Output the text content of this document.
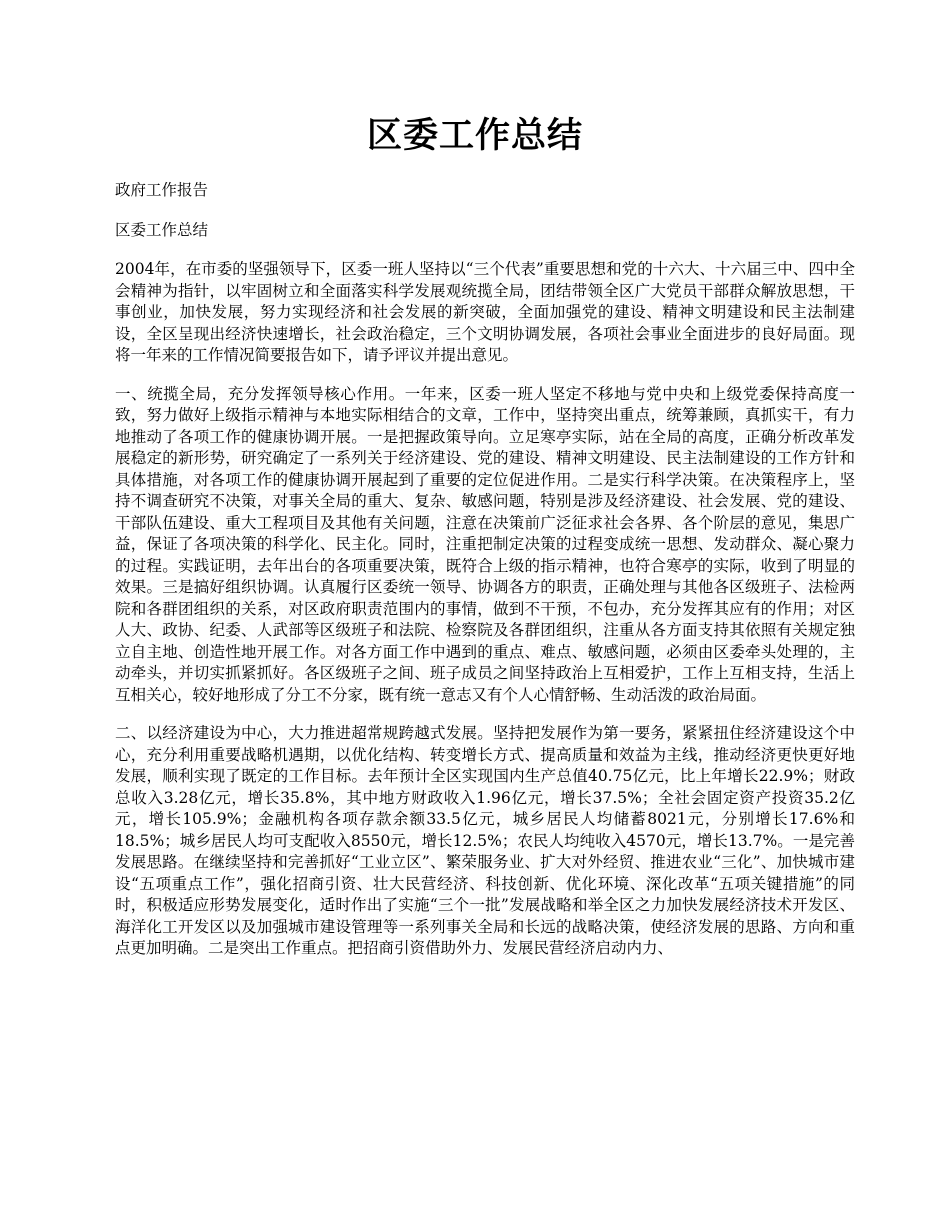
区委工作总结

政府工作报告

区委工作总结

2004年，在市委的坚强领导下，区委一班人坚持以“三个代表”重要思想和党的十六大、十六届三中、四中全会精神为指针，以牢固树立和全面落实科学发展观统揽全局，团结带领全区广大党员干部群众解放思想，干事创业，加快发展，努力实现经济和社会发展的新突破，全面加强党的建设、精神文明建设和民主法制建设，全区呈现出经济快速增长，社会政治稳定，三个文明协调发展，各项社会事业全面进步的良好局面。现将一年来的工作情况简要报告如下，请予评议并提出意见。

一、统揽全局，充分发挥领导核心作用。一年来，区委一班人坚定不移地与党中央和上级党委保持高度一致，努力做好上级指示精神与本地实际相结合的文章，工作中，坚持突出重点，统筹兼顾，真抓实干，有力地推动了各项工作的健康协调开展。一是把握政策导向。立足寒亭实际，站在全局的高度，正确分析改革发展稳定的新形势，研究确定了一系列关于经济建设、党的建设、精神文明建设、民主法制建设的工作方针和具体措施，对各项工作的健康协调开展起到了重要的定位促进作用。二是实行科学决策。在决策程序上，坚持不调查研究不决策，对事关全局的重大、复杂、敏感问题，特别是涉及经济建设、社会发展、党的建设、干部队伍建设、重大工程项目及其他有关问题，注意在决策前广泛征求社会各界、各个阶层的意见，集思广益，保证了各项决策的科学化、民主化。同时，注重把制定决策的过程变成统一思想、发动群众、凝心聚力的过程。实践证明，去年出台的各项重要决策，既符合上级的指示精神，也符合寒亭的实际，收到了明显的效果。三是搞好组织协调。认真履行区委统一领导、协调各方的职责，正确处理与其他各区级班子、法检两院和各群团组织的关系，对区政府职责范围内的事情，做到不干预，不包办，充分发挥其应有的作用；对区人大、政协、纪委、人武部等区级班子和法院、检察院及各群团组织，注重从各方面支持其依照有关规定独立自主地、创造性地开展工作。对各方面工作中遇到的重点、难点、敏感问题，必须由区委牵头处理的，主动牵头，并切实抓紧抓好。各区级班子之间、班子成员之间坚持政治上互相爱护，工作上互相支持，生活上互相关心，较好地形成了分工不分家，既有统一意志又有个人心情舒畅、生动活泼的政治局面。

二、以经济建设为中心，大力推进超常规跨越式发展。坚持把发展作为第一要务，紧紧扭住经济建设这个中心，充分利用重要战略机遇期，以优化结构、转变增长方式、提高质量和效益为主线，推动经济更快更好地发展，顺利实现了既定的工作目标。去年预计全区实现国内生产总值40.75亿元，比上年增长22.9%；财政总收入3.28亿元，增长35.8%，其中地方财政收入1.96亿元，增长37.5%；全社会固定资产投资35.2亿元，增长105.9%；金融机构各项存款余额33.5亿元，城乡居民人均储蓄8021元，分别增长17.6%和18.5%；城乡居民人均可支配收入8550元，增长12.5%；农民人均纯收入4570元，增长13.7%。一是完善发展思路。在继续坚持和完善抓好“工业立区”、繁荣服务业、扩大对外经贸、推进农业“三化”、加快城市建设“五项重点工作”，强化招商引资、壮大民营经济、科技创新、优化环境、深化改革“五项关键措施”的同时，积极适应形势发展变化，适时作出了实施“三个一批”发展战略和举全区之力加快发展经济技术开发区、海洋化工开发区以及加强城市建设管理等一系列事关全局和长远的战略决策，使经济发展的思路、方向和重点更加明确。二是突出工作重点。把招商引资借助外力、发展民营经济启动内力、
